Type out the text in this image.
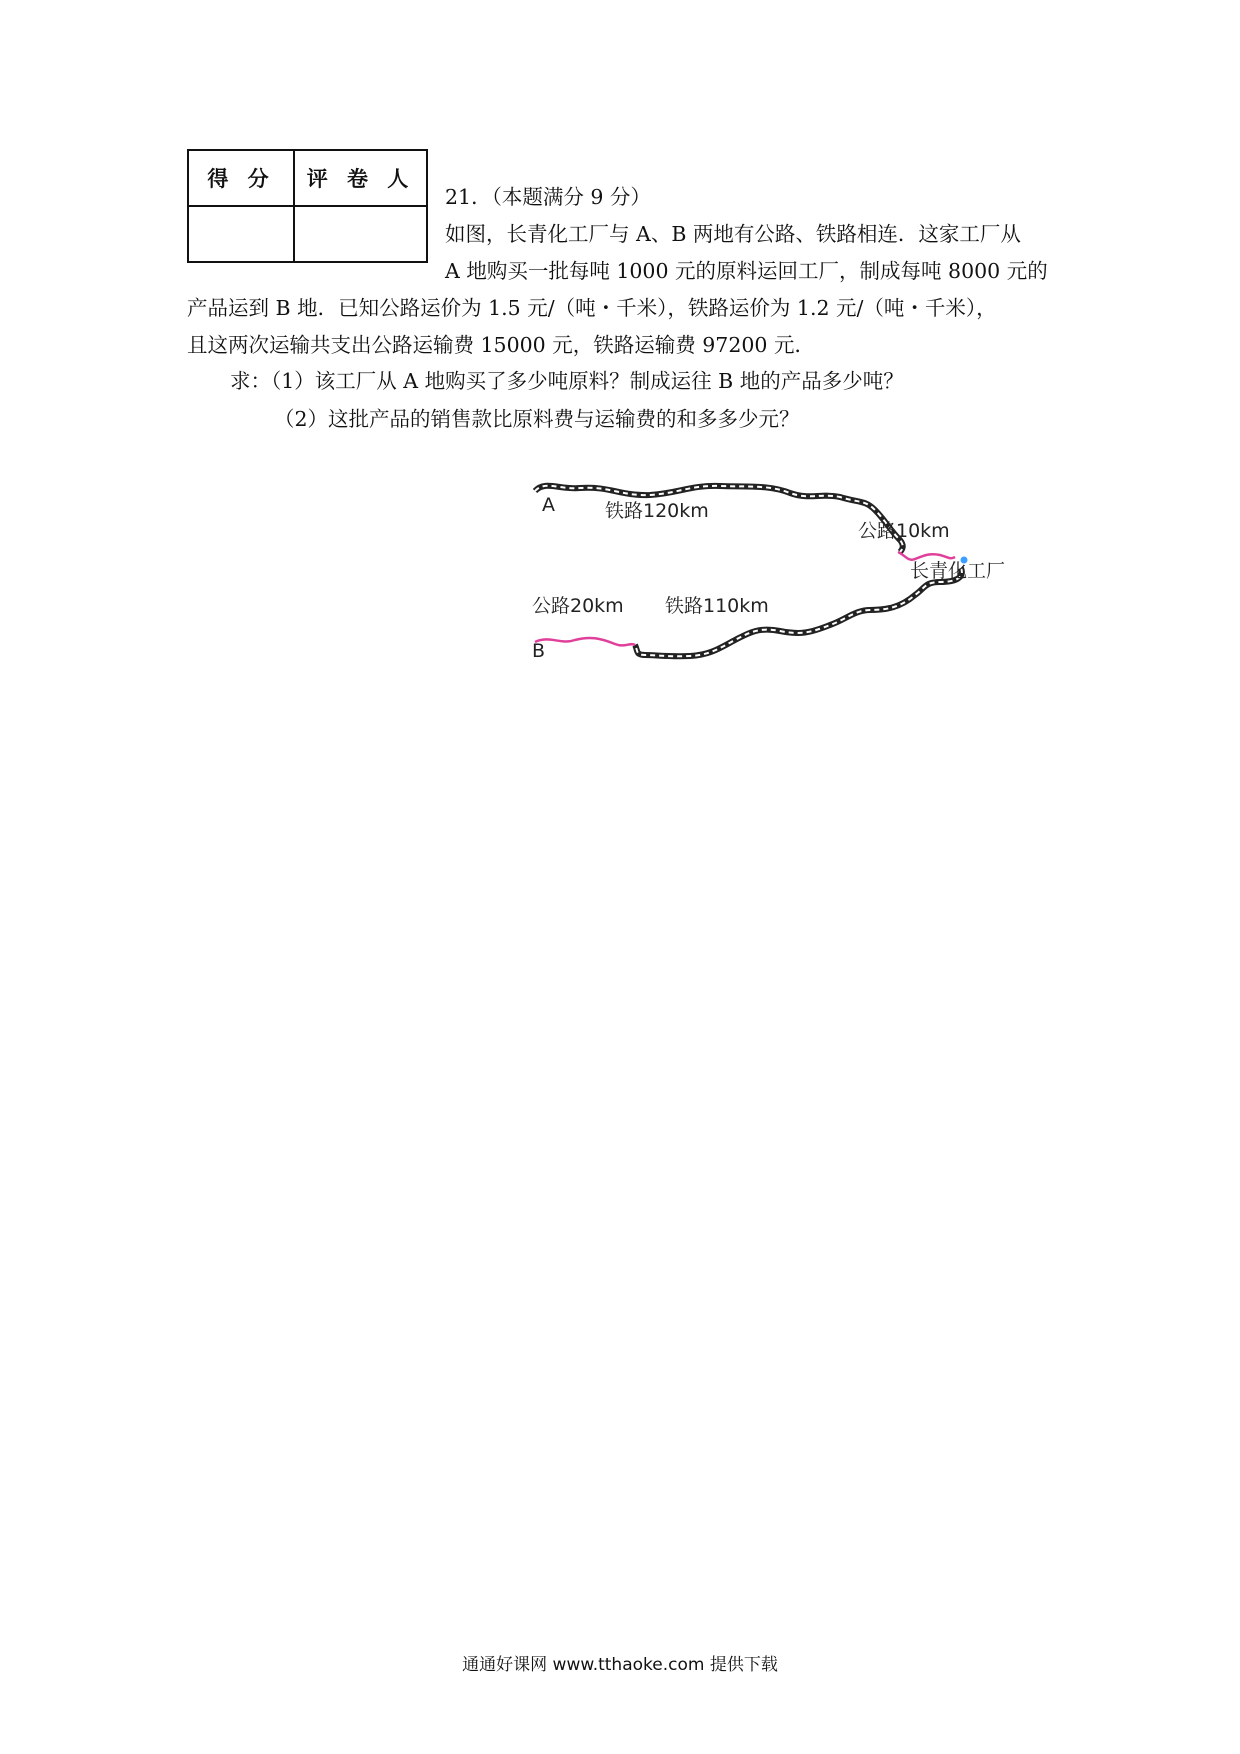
得 分	评 卷 人

21．（本题满分 9 分）
如图，长青化工厂与 A、B 两地有公路、铁路相连．这家工厂从
A 地购买一批每吨 1000 元的原料运回工厂，制成每吨 8000 元的
产品运到 B 地．已知公路运价为 1.5 元/（吨・千米），铁路运价为 1.2 元/（吨・千米），
且这两次运输共支出公路运输费 15000 元，铁路运输费 97200 元．
求：（1）该工厂从 A 地购买了多少吨原料？制成运往 B 地的产品多少吨？
（2）这批产品的销售款比原料费与运输费的和多多少元？
A	铁路120km
公路10km
长青化工厂
公路20km 铁路110km
B
通通好课网 www.tthaoke.com 提供下载
